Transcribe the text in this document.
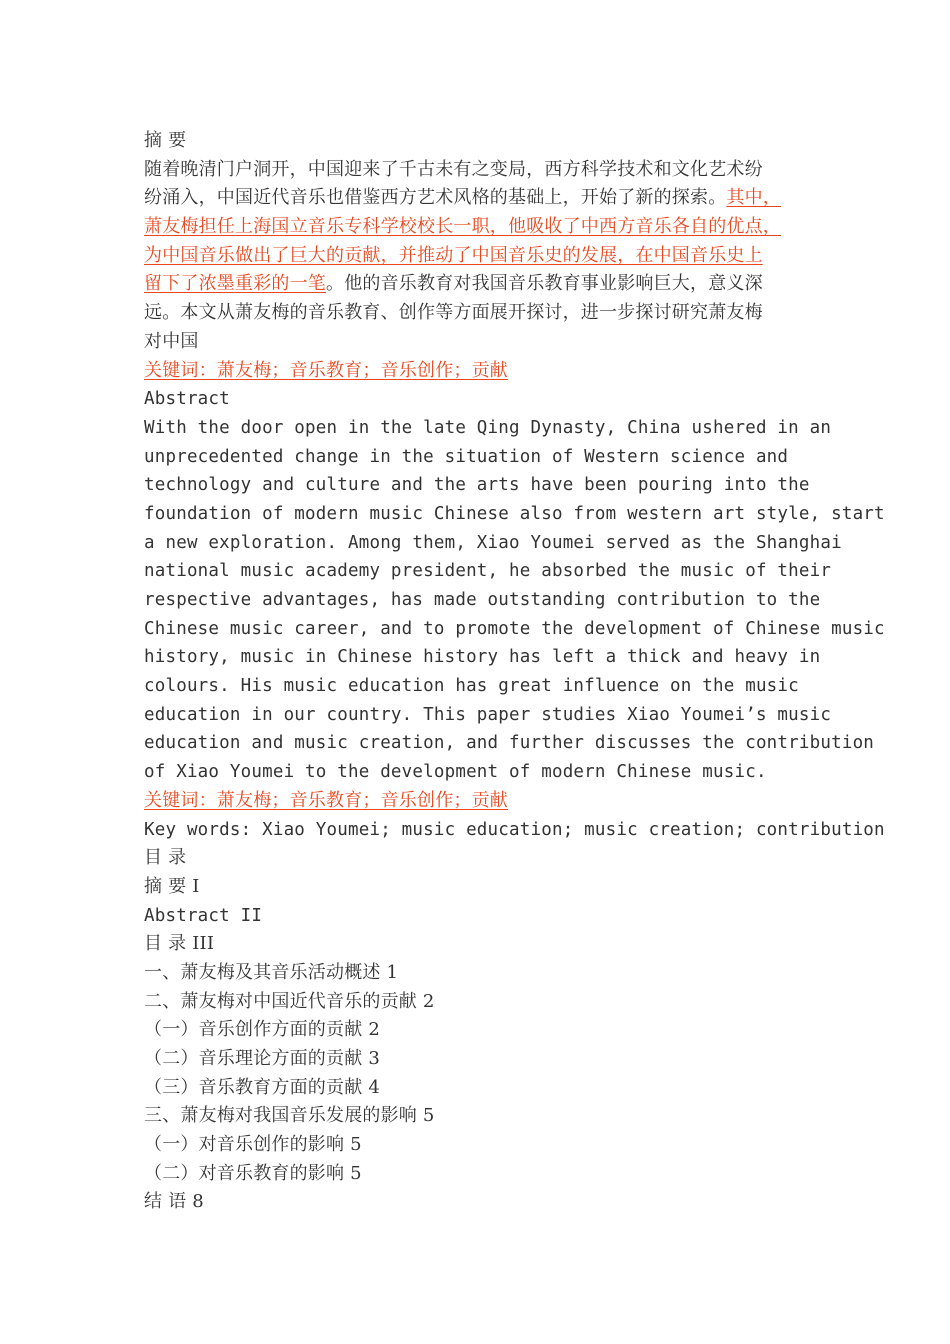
摘 要
随着晚清门户洞开，中国迎来了千古未有之变局，西方科学技术和文化艺术纷
纷涌入，中国近代音乐也借鉴西方艺术风格的基础上，开始了新的探索。其中，
萧友梅担任上海国立音乐专科学校校长一职，他吸收了中西方音乐各自的优点，
为中国音乐做出了巨大的贡献，并推动了中国音乐史的发展，在中国音乐史上
留下了浓墨重彩的一笔。他的音乐教育对我国音乐教育事业影响巨大，意义深
远。本文从萧友梅的音乐教育、创作等方面展开探讨，进一步探讨研究萧友梅
对中国
关键词：萧友梅；音乐教育；音乐创作；贡献
Abstract
With the door open in the late Qing Dynasty, China ushered in an
unprecedented change in the situation of Western science and
technology and culture and the arts have been pouring into the
foundation of modern music Chinese also from western art style, start
a new exploration. Among them, Xiao Youmei served as the Shanghai
national music academy president, he absorbed the music of their
respective advantages, has made outstanding contribution to the
Chinese music career, and to promote the development of Chinese music
history, music in Chinese history has left a thick and heavy in
colours. His music education has great influence on the music
education in our country. This paper studies Xiao Youmei’s music
education and music creation, and further discusses the contribution
of Xiao Youmei to the development of modern Chinese music.
关键词：萧友梅；音乐教育；音乐创作；贡献
Key words: Xiao Youmei; music education; music creation; contribution
目 录
摘 要 I
Abstract II
目 录 III
一、萧友梅及其音乐活动概述 1
二、萧友梅对中国近代音乐的贡献 2
（一）音乐创作方面的贡献 2
（二）音乐理论方面的贡献 3
（三）音乐教育方面的贡献 4
三、萧友梅对我国音乐发展的影响 5
（一）对音乐创作的影响 5
（二）对音乐教育的影响 5
结 语 8
